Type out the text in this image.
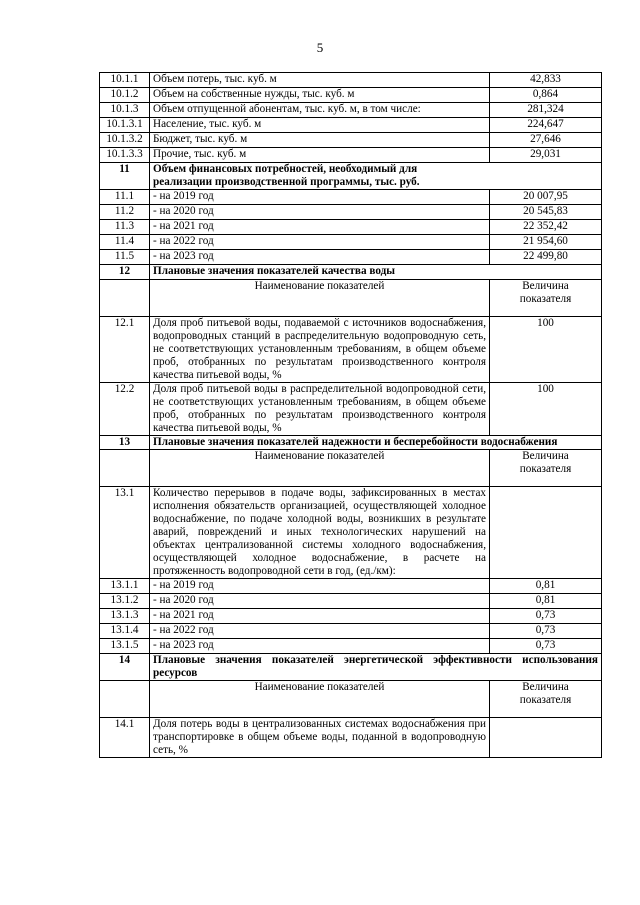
5
10.1.1	Объем потерь, тыс. куб. м	42,833
10.1.2	Объем на собственные нужды, тыс. куб. м	0,864
10.1.3	Объем отпущенной абонентам, тыс. куб. м, в том числе:	281,324
10.1.3.1	Население, тыс. куб. м	224,647
10.1.3.2	Бюджет, тыс. куб. м	27,646
10.1.3.3	Прочие, тыс. куб. м	29,031
11	Объем финансовых потребностей, необходимый для реализации производственной программы, тыс. руб.	
11.1	- на 2019 год	20 007,95
11.2	- на 2020 год	20 545,83
11.3	- на 2021 год	22 352,42
11.4	- на 2022 год	21 954,60
11.5	- на 2023 год	22 499,80
12	Плановые значения показателей качества воды	
	Наименование показателей	Величина показателя
12.1	Доля проб питьевой воды, подаваемой с источников водоснабжения, водопроводных станций в распределительную водопроводную сеть, не соответствующих установленным требованиям, в общем объеме проб, отобранных по результатам производственного контроля качества питьевой воды, %	100
12.2	Доля проб питьевой воды в распределительной водопроводной сети, не соответствующих установленным требованиям, в общем объеме проб, отобранных по результатам производственного контроля качества питьевой воды, %	100
13	Плановые значения показателей надежности и бесперебойности водоснабжения	
	Наименование показателей	Величина показателя
13.1	Количество перерывов в подаче воды, зафиксированных в местах исполнения обязательств организацией, осуществляющей холодное водоснабжение, по подаче холодной воды, возникших в результате аварий, повреждений и иных технологических нарушений на объектах централизованной системы холодного водоснабжения, осуществляющей холодное водоснабжение, в расчете на протяженность водопроводной сети в год, (ед./км):	
13.1.1	- на 2019 год	0,81
13.1.2	- на 2020 год	0,81
13.1.3	- на 2021 год	0,73
13.1.4	- на 2022 год	0,73
13.1.5	- на 2023 год	0,73
14	Плановые значения показателей энергетической эффективности использования ресурсов	
	Наименование показателей	Величина показателя
14.1	Доля потерь воды в централизованных системах водоснабжения при транспортировке в общем объеме воды, поданной в водопроводную сеть, %	
